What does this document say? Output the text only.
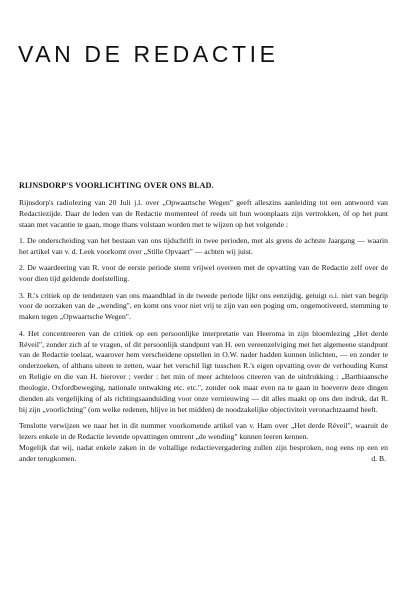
VAN DE REDACTIE
RIJNSDORP'S VOORLICHTING OVER ONS BLAD.

Rijnsdorp's radiolezing van 20 Juli j.l. over „Opwaartsche Wegen" geeft alleszins aanleiding tot een antwoord van Redactiezijde. Daar de leden van de Redactie momenteel óf reeds uit hun woonplaats zijn vertrokken, óf op het punt staan met vacantie te gaan, moge thans volstaan worden met te wijzen op het volgende :

1. De onderscheiding van het bestaan van ons tijdschrift in twee perioden, met als grens de achtste Jaargang — waarin het artikel van v. d. Leek voorkomt over „Stille Opvaart" — achten wij juist.

2. De waardeering van R. voor de eerste periode stemt vrijwel overeen met de opvatting van de Redactie zelf over de voor dien tijd geldende doelstelling.

3. R.'s critiek op de tendenzen van ons maandblad in de tweede periode lijkt ons eenzijdig, getuigt o.i. niet van begrip voor de oorzaken van de „wending", en komt ons voor niet vrij te zijn van een poging om, ongemotiveerd, stemming te maken tegen „Opwaartsche Wegen".

4. Het concentreeren van de critiek op een persoonlijke interpretatie van Heeroma in zijn bloemlezing „Het derde Réveil", zonder zich af te vragen, of dit persoonlijk standpunt van H. een vereenzelviging met het algemeene standpunt van de Redactie toelaat, waarover hem verscheidene opstellen in O.W. nader hadden kunnen inlichten, — en zonder te onderzoeken, of althans uiteen te zetten, waar het verschil ligt tusschen R.'s eigen opvatting over de verhouding Kunst en Religie en die van H. hierover ; verder : het min of meer achteloos citeeren van de uitdrukking : „Barthiaansche theologie, Oxfordbeweging, nationale ontwaking etc. etc.", zonder ook maar even na te gaan in hoeverre deze dingen dienden als vergelijking of als richtingsaanduiding voor onze vernieuwing — dit alles maakt op ons den indruk, dat R. bij zijn „voorlichting" (om welke redenen, blijve in het midden) de noodzakelijke objectiviteit veronachtzaamd heeft.

Tenslotte verwijzen we naar het in dit nummer voorkomende artikel van v. Ham over „Het derde Réveil", waaruit de lezers enkele in de Redactie levende opvattingen omtrent „de wending" kunnen leeren kennen.

Mogelijk dat wij, nadat enkele zaken in de voltallige redactievergadering zullen zijn besproken, nog eens op een en ander terugkomen.	d. B.
